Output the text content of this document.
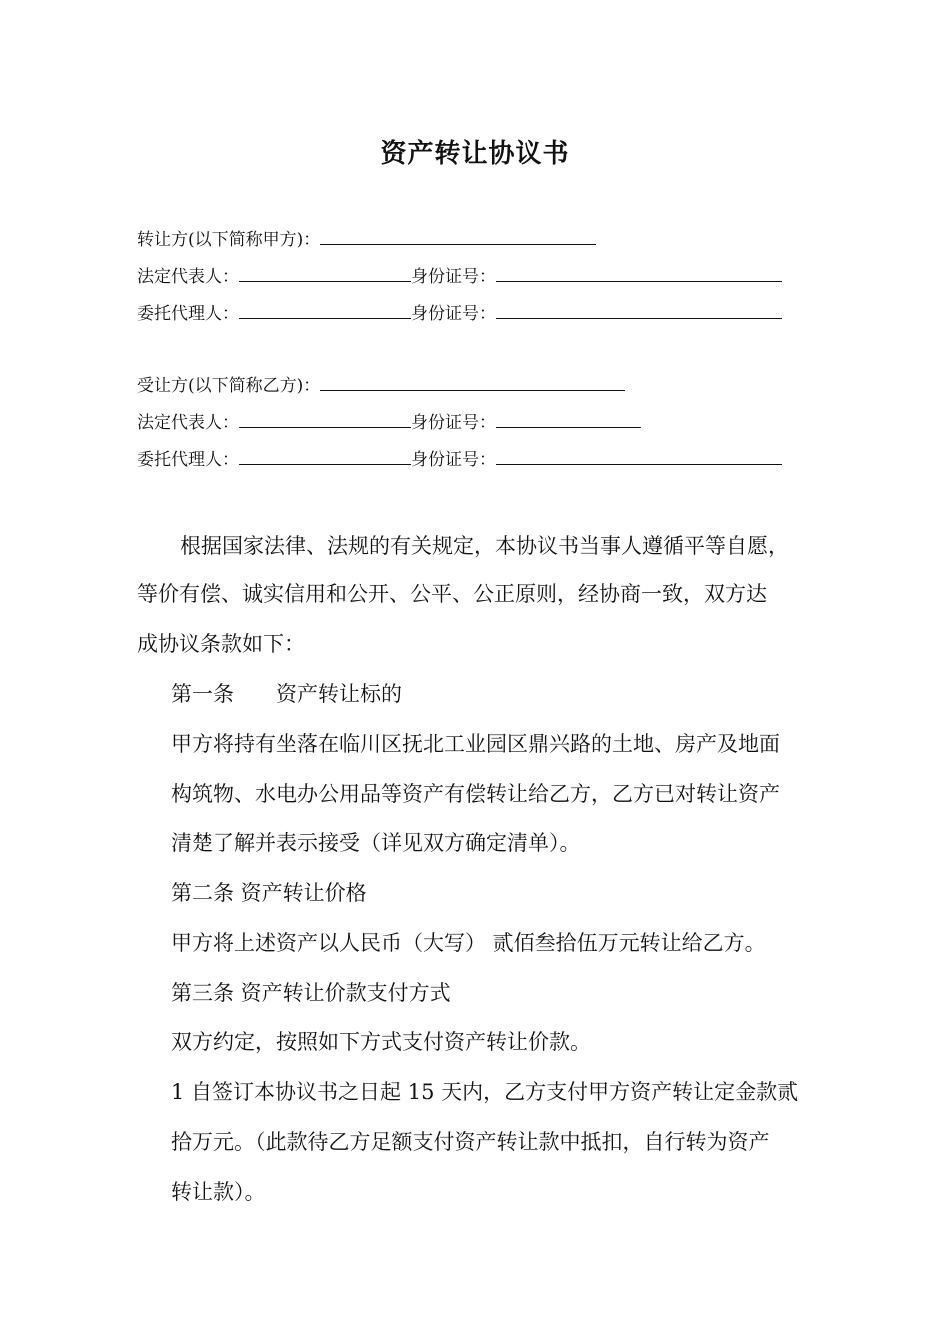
资产转让协议书
转让方(以下简称甲方)：
法定代表人：	身份证号：
委托代理人：	身份证号：
受让方(以下简称乙方)：
法定代表人：	身份证号：
委托代理人：	身份证号：
根据国家法律、法规的有关规定，本协议书当事人遵循平等自愿，
等价有偿、诚实信用和公开、公平、公正原则，经协商一致，双方达
成协议条款如下：
第一条　　资产转让标的
甲方将持有坐落在临川区抚北工业园区鼎兴路的土地、房产及地面
构筑物、水电办公用品等资产有偿转让给乙方，乙方已对转让资产
清楚了解并表示接受（详见双方确定清单）。
第二条 资产转让价格
甲方将上述资产以人民币（大写） 贰佰叁拾伍万元转让给乙方。
第三条 资产转让价款支付方式
双方约定，按照如下方式支付资产转让价款。
1 自签订本协议书之日起 15 天内，乙方支付甲方资产转让定金款贰
拾万元。（此款待乙方足额支付资产转让款中抵扣，自行转为资产
转让款）。
